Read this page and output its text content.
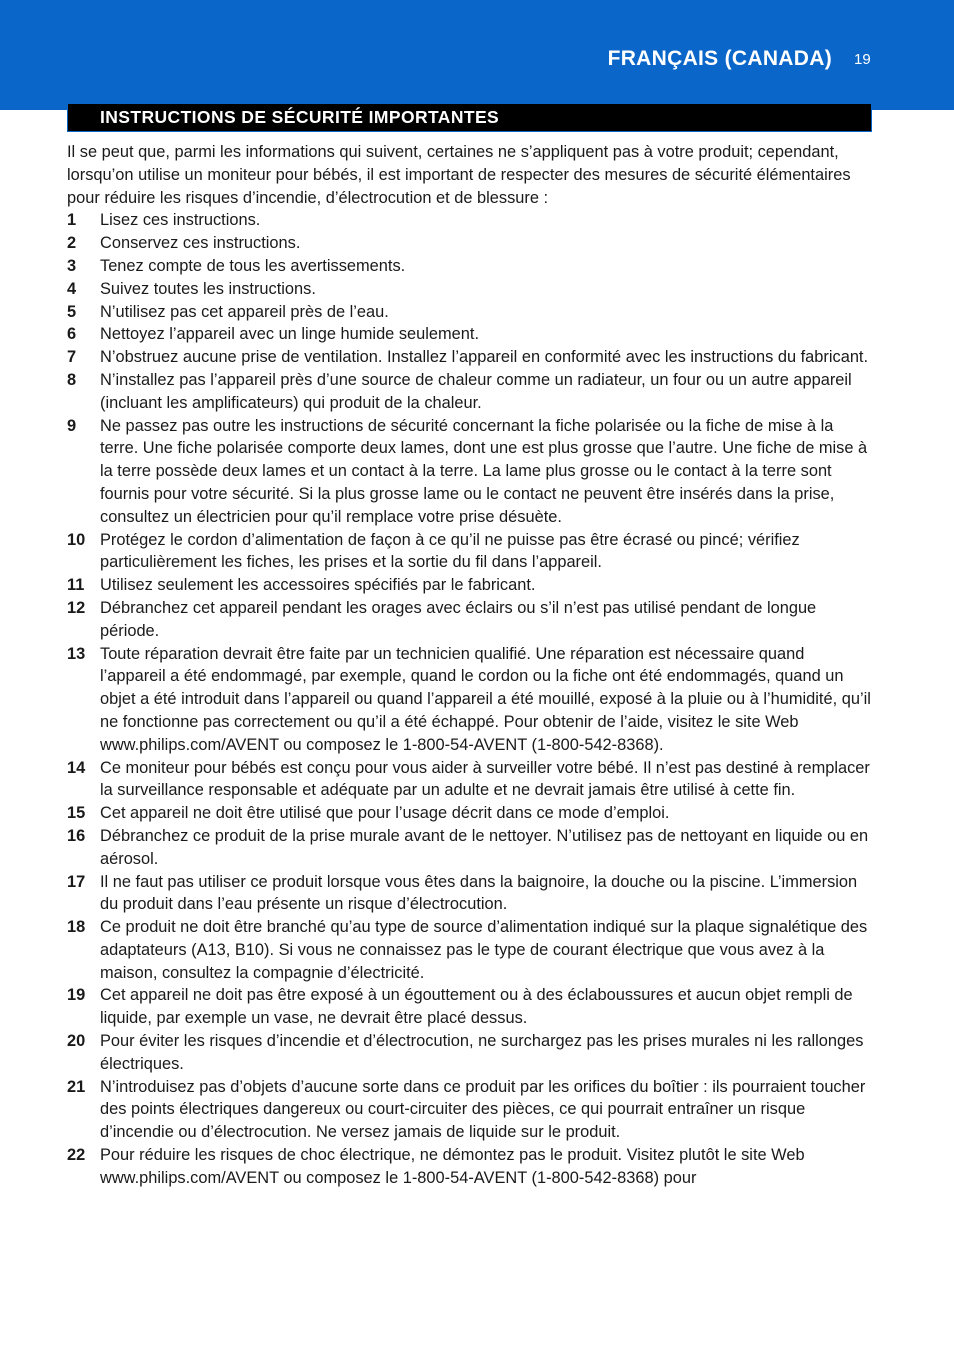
FRANÇAIS (CANADA) 19
INSTRUCTIONS DE SÉCURITÉ IMPORTANTES

Il se peut que, parmi les informations qui suivent, certaines ne s’appliquent pas à votre produit; cependant, lorsqu’on utilise un moniteur pour bébés, il est important de respecter des mesures de sécurité élémentaires pour réduire les risques d’incendie, d’électrocution et de blessure :

1 Lisez ces instructions.
2 Conservez ces instructions.
3 Tenez compte de tous les avertissements.
4 Suivez toutes les instructions.
5 N’utilisez pas cet appareil près de l’eau.
6 Nettoyez l’appareil avec un linge humide seulement.
7 N’obstruez aucune prise de ventilation. Installez l’appareil en conformité avec les instructions du fabricant.
8 N’installez pas l’appareil près d’une source de chaleur comme un radiateur, un four ou un autre appareil (incluant les amplificateurs) qui produit de la chaleur.
9 Ne passez pas outre les instructions de sécurité concernant la fiche polarisée ou la fiche de mise à la terre. Une fiche polarisée comporte deux lames, dont une est plus grosse que l’autre. Une fiche de mise à la terre possède deux lames et un contact à la terre. La lame plus grosse ou le contact à la terre sont fournis pour votre sécurité. Si la plus grosse lame ou le contact ne peuvent être insérés dans la prise, consultez un électricien pour qu’il remplace votre prise désuète.
10 Protégez le cordon d’alimentation de façon à ce qu’il ne puisse pas être écrasé ou pincé; vérifiez particulièrement les fiches, les prises et la sortie du fil dans l’appareil.
11 Utilisez seulement les accessoires spécifiés par le fabricant.
12 Débranchez cet appareil pendant les orages avec éclairs ou s’il n’est pas utilisé pendant de longue période.
13 Toute réparation devrait être faite par un technicien qualifié. Une réparation est nécessaire quand l’appareil a été endommagé, par exemple, quand le cordon ou la fiche ont été endommagés, quand un objet a été introduit dans l’appareil ou quand l’appareil a été mouillé, exposé à la pluie ou à l’humidité, qu’il ne fonctionne pas correctement ou qu’il a été échappé. Pour obtenir de l’aide, visitez le site Web www.philips.com/AVENT ou composez le 1-800-54-AVENT (1-800-542-8368).
14 Ce moniteur pour bébés est conçu pour vous aider à surveiller votre bébé. Il n’est pas destiné à remplacer la surveillance responsable et adéquate par un adulte et ne devrait jamais être utilisé à cette fin.
15 Cet appareil ne doit être utilisé que pour l’usage décrit dans ce mode d’emploi.
16 Débranchez ce produit de la prise murale avant de le nettoyer. N’utilisez pas de nettoyant en liquide ou en aérosol.
17 Il ne faut pas utiliser ce produit lorsque vous êtes dans la baignoire, la douche ou la piscine. L’immersion du produit dans l’eau présente un risque d’électrocution.
18 Ce produit ne doit être branché qu’au type de source d’alimentation indiqué sur la plaque signalétique des adaptateurs (A13, B10). Si vous ne connaissez pas le type de courant électrique que vous avez à la maison, consultez la compagnie d’électricité.
19 Cet appareil ne doit pas être exposé à un égouttement ou à des éclaboussures et aucun objet rempli de liquide, par exemple un vase, ne devrait être placé dessus.
20 Pour éviter les risques d’incendie et d’électrocution, ne surchargez pas les prises murales ni les rallonges électriques.
21 N’introduisez pas d’objets d’aucune sorte dans ce produit par les orifices du boîtier : ils pourraient toucher des points électriques dangereux ou court-circuiter des pièces, ce qui pourrait entraîner un risque d’incendie ou d’électrocution. Ne versez jamais de liquide sur le produit.
22 Pour réduire les risques de choc électrique, ne démontez pas le produit. Visitez plutôt le site Web www.philips.com/AVENT ou composez le 1-800-54-AVENT (1-800-542-8368) pour
